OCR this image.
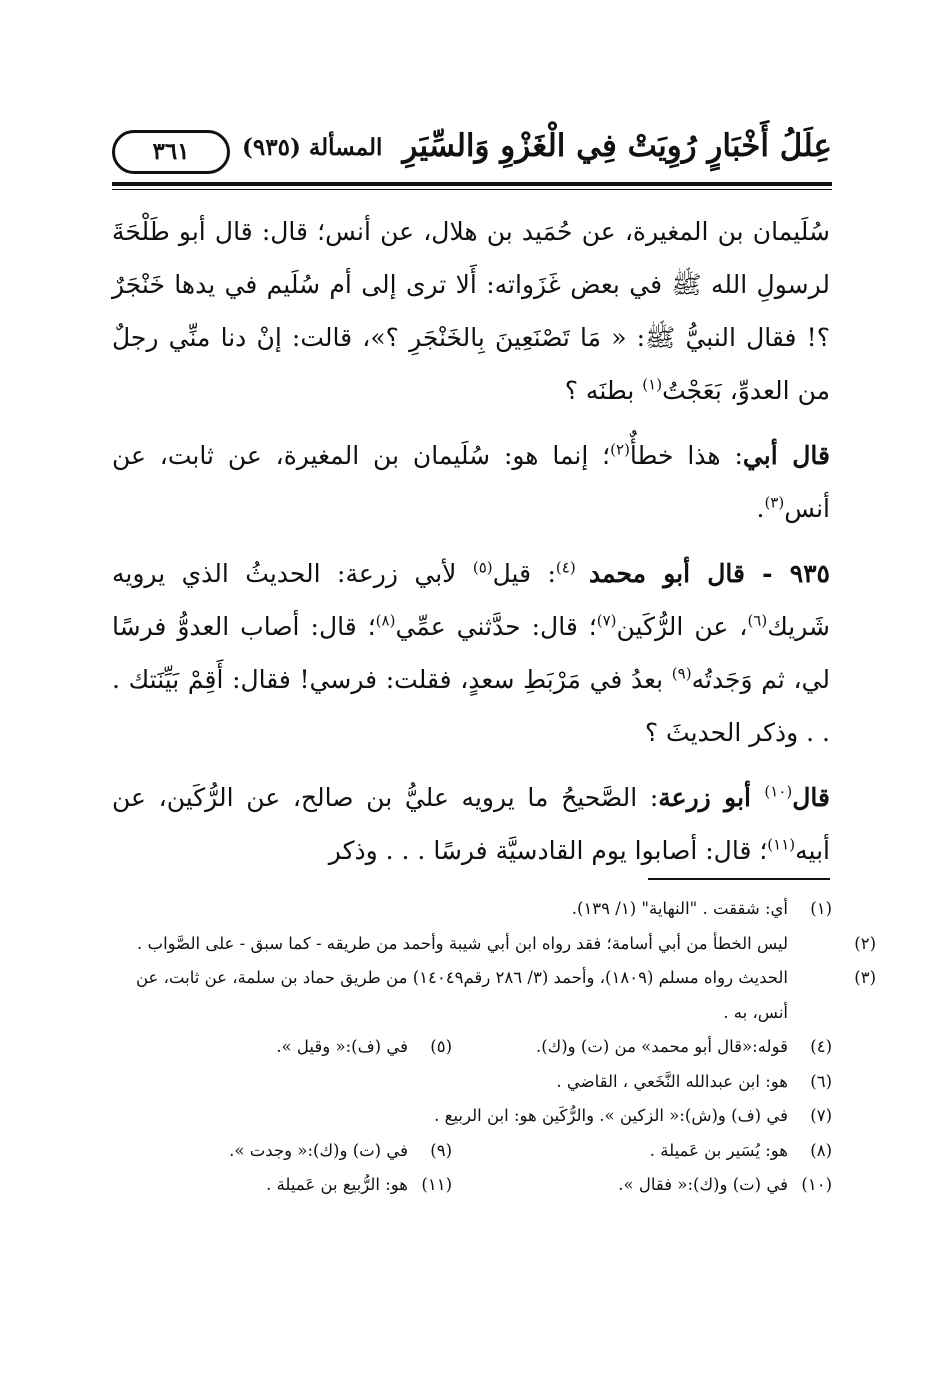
عِلَلُ أَخْبَارٍ رُوِيَتْ فِي الْغَزْوِ وَالسِّيَرِ
المسألة (٩٣٥)
٣٦١

سُلَيمان بن المغيرة، عن حُمَيد بن هلال، عن أنس؛ قال: قال أبو طَلْحَةَ لرسولِ الله ﷺ في بعض غَزَواته: أَلا ترى إلى أم سُلَيم في يدها خَنْجَرٌ ؟! فقال النبيُّ ﷺ: « مَا تَصْنَعِينَ بِالخَنْجَرِ ؟»، قالت: إنْ دنا منِّي رجلٌ من العدوِّ، بَعَجْتُ$^{(١)}$ بطنَه ؟

قال أبي: هذا خطأٌ$^{(٢)}$؛ إنما هو: سُلَيمان بن المغيرة، عن ثابت، عن أنس$^{(٣)}$.

٩٣٥ - قال أبو محمد $^{(٤)}$: قيل$^{(٥)}$ لأبي زرعة: الحديثُ الذي يرويه شَريك$^{(٦)}$، عن الرُّكَين$^{(٧)}$؛ قال: حدَّثني عمِّي$^{(٨)}$؛ قال: أصاب العدوُّ فرسًا لي، ثم وَجَدتُه$^{(٩)}$ بعدُ في مَرْبَطِ سعدٍ، فقلت: فرسي! فقال: أَقِمْ بَيِّنَتك . . . وذكر الحديثَ ؟

قال$^{(١٠)}$ أبو زرعة: الصَّحيحُ ما يرويه عليُّ بن صالح، عن الرُّكَين، عن أبيه$^{(١١)}$؛ قال: أصابوا يوم القادسيَّة فرسًا . . . وذكر

(١)أي: شققت . "النهاية" (١/ ١٣٩).
(٢)ليس الخطأ من أبي أسامة؛ فقد رواه ابن أبي شيبة وأحمد من طريقه - كما سبق - على الصَّواب .
(٣)الحديث رواه مسلم (١٨٠٩)، وأحمد (٣/ ٢٨٦ رقم١٤٠٤٩) من طريق حماد بن سلمة، عن ثابت، عن أنس، به .
(٤)قوله:«قال أبو محمد» من (ت) و(ك).
(٥)في (ف):« وقيل ».
(٦)هو: ابن عبدالله النَّخَعي ، القاضي .
(٧)في (ف) و(ش):« الزكين ». والرُّكَين هو: ابن الربيع .
(٨)هو: يُسَير بن عَميلة .
(٩)في (ت) و(ك):« وجدت ».
(١٠)في (ت) و(ك):« فقال ».
(١١)هو: الرُّبيع بن عَميلة .
